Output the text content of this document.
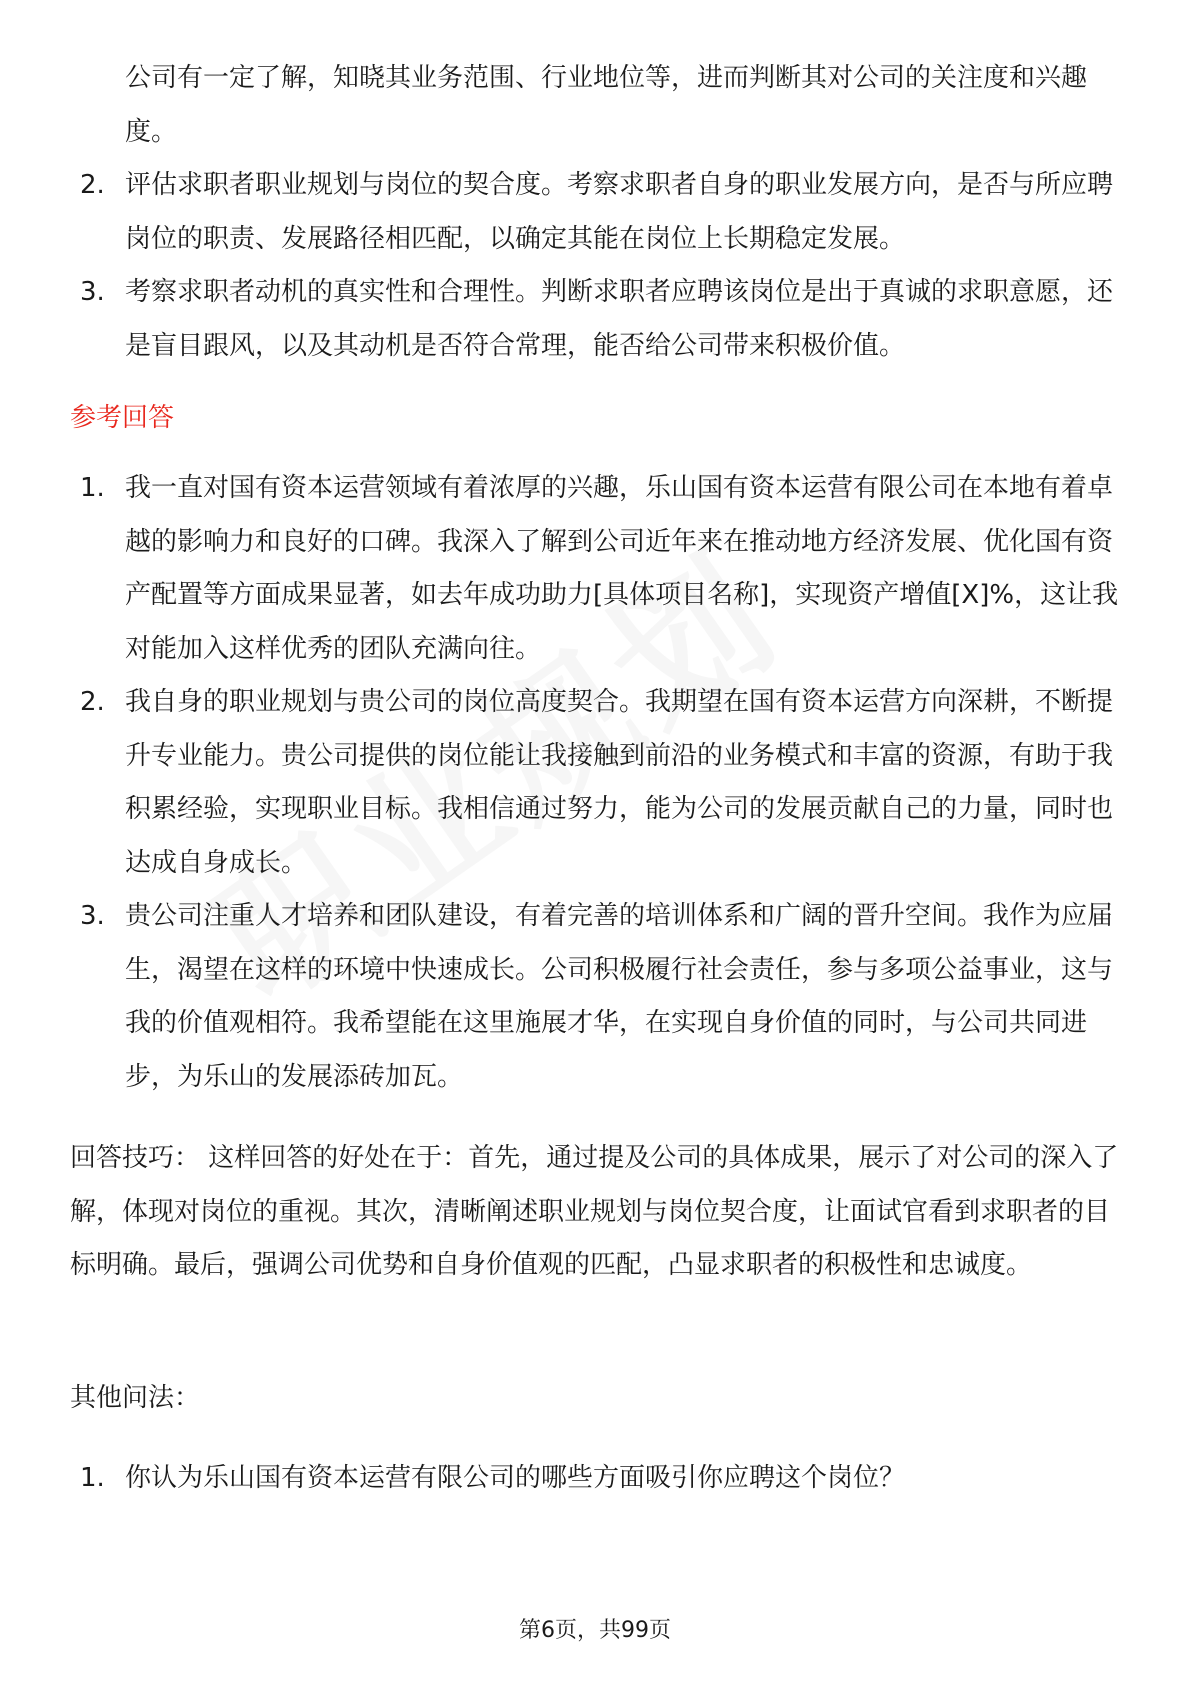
公司有一定了解，知晓其业务范围、行业地位等，进而判断其对公司的关注度和兴趣度。
2. 评估求职者职业规划与岗位的契合度。考察求职者自身的职业发展方向，是否与所应聘岗位的职责、发展路径相匹配，以确定其能在岗位上长期稳定发展。
3. 考察求职者动机的真实性和合理性。判断求职者应聘该岗位是出于真诚的求职意愿，还是盲目跟风，以及其动机是否符合常理，能否给公司带来积极价值。
参考回答
1. 我一直对国有资本运营领域有着浓厚的兴趣，乐山国有资本运营有限公司在本地有着卓越的影响力和良好的口碑。我深入了解到公司近年来在推动地方经济发展、优化国有资产配置等方面成果显著，如去年成功助力[具体项目名称]，实现资产增值[X]%，这让我对能加入这样优秀的团队充满向往。
2. 我自身的职业规划与贵公司的岗位高度契合。我期望在国有资本运营方向深耕，不断提升专业能力。贵公司提供的岗位能让我接触到前沿的业务模式和丰富的资源，有助于我积累经验，实现职业目标。我相信通过努力，能为公司的发展贡献自己的力量，同时也达成自身成长。
3. 贵公司注重人才培养和团队建设，有着完善的培训体系和广阔的晋升空间。我作为应届生，渴望在这样的环境中快速成长。公司积极履行社会责任，参与多项公益事业，这与我的价值观相符。我希望能在这里施展才华，在实现自身价值的同时，与公司共同进步，为乐山的发展添砖加瓦。

回答技巧： 这样回答的好处在于：首先，通过提及公司的具体成果，展示了对公司的深入了解，体现对岗位的重视。其次，清晰阐述职业规划与岗位契合度，让面试官看到求职者的目标明确。最后，强调公司优势和自身价值观的匹配，凸显求职者的积极性和忠诚度。

其他问法：
1. 你认为乐山国有资本运营有限公司的哪些方面吸引你应聘这个岗位？
第6页，共99页
